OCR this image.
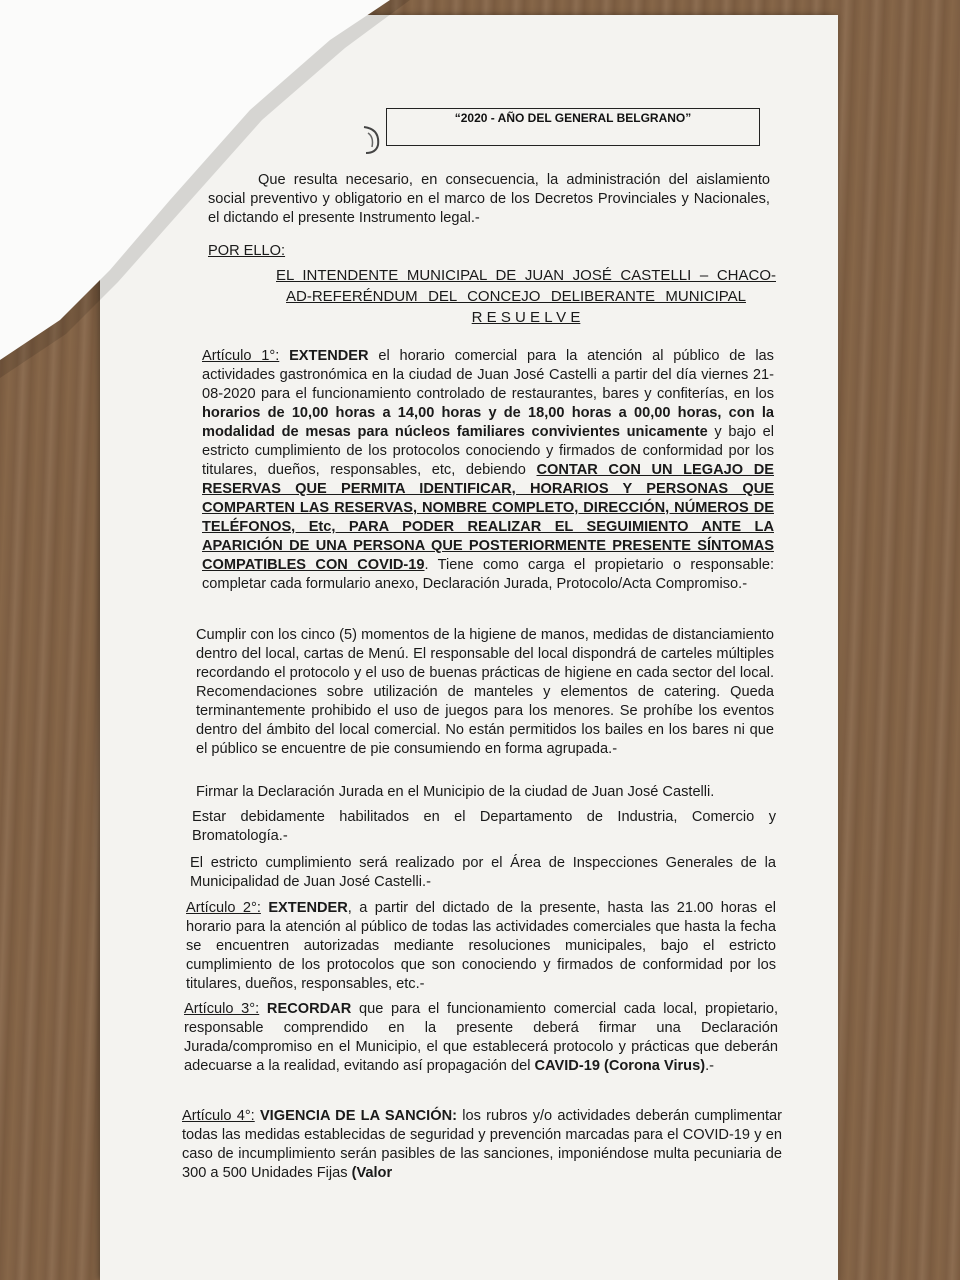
“2020 - AÑO DEL GENERAL BELGRANO”
Que resulta necesario, en consecuencia, la administración del aislamiento social preventivo y obligatorio en el marco de los Decretos Provinciales y Nacionales, el dictando el presente Instrumento legal.-
POR ELLO:
EL INTENDENTE MUNICIPAL DE JUAN JOSÉ CASTELLI – CHACO-
AD-REFERÉNDUM DEL CONCEJO DELIBERANTE MUNICIPAL
R E S U E L V E
Artículo 1°: EXTENDER el horario comercial para la atención al público de las actividades gastronómica en la ciudad de Juan José Castelli a partir del día viernes 21-08-2020 para el funcionamiento controlado de restaurantes, bares y confiterías, en los horarios de 10,00 horas a 14,00 horas y de 18,00 horas a 00,00 horas, con la modalidad de mesas para núcleos familiares convivientes unicamente y bajo el estricto cumplimiento de los protocolos conociendo y firmados de conformidad por los titulares, dueños, responsables, etc, debiendo CONTAR CON UN LEGAJO DE RESERVAS QUE PERMITA IDENTIFICAR, HORARIOS Y PERSONAS QUE COMPARTEN LAS RESERVAS, NOMBRE COMPLETO, DIRECCIÓN, NÚMEROS DE TELÉFONOS, Etc, PARA PODER REALIZAR EL SEGUIMIENTO ANTE LA APARICIÓN DE UNA PERSONA QUE POSTERIORMENTE PRESENTE SÍNTOMAS COMPATIBLES CON COVID-19. Tiene como carga el propietario o responsable: completar cada formulario anexo, Declaración Jurada, Protocolo/Acta Compromiso.-
Cumplir con los cinco (5) momentos de la higiene de manos, medidas de distanciamiento dentro del local, cartas de Menú. El responsable del local dispondrá de carteles múltiples recordando el protocolo y el uso de buenas prácticas de higiene en cada sector del local. Recomendaciones sobre utilización de manteles y elementos de catering. Queda terminantemente prohibido el uso de juegos para los menores. Se prohíbe los eventos dentro del ámbito del local comercial. No están permitidos los bailes en los bares ni que el público se encuentre de pie consumiendo en forma agrupada.-
Firmar la Declaración Jurada en el Municipio de la ciudad de Juan José Castelli.
Estar debidamente habilitados en el Departamento de Industria, Comercio y Bromatología.-
El estricto cumplimiento será realizado por el Área de Inspecciones Generales de la Municipalidad de Juan José Castelli.-
Artículo 2°: EXTENDER, a partir del dictado de la presente, hasta las 21.00 horas el horario para la atención al público de todas las actividades comerciales que hasta la fecha se encuentren autorizadas mediante resoluciones municipales, bajo el estricto cumplimiento de los protocolos que son conociendo y firmados de conformidad por los titulares, dueños, responsables, etc.-
Artículo 3°: RECORDAR que para el funcionamiento comercial cada local, propietario, responsable comprendido en la presente deberá firmar una Declaración Jurada/compromiso en el Municipio, el que establecerá protocolo y prácticas que deberán adecuarse a la realidad, evitando así propagación del CAVID-19 (Corona Virus).-
Artículo 4°: VIGENCIA DE LA SANCIÓN: los rubros y/o actividades deberán cumplimentar todas las medidas establecidas de seguridad y prevención marcadas para el COVID-19 y en caso de incumplimiento serán pasibles de las sanciones, imponiéndose multa pecuniaria de 300 a 500 Unidades Fijas (Valor
